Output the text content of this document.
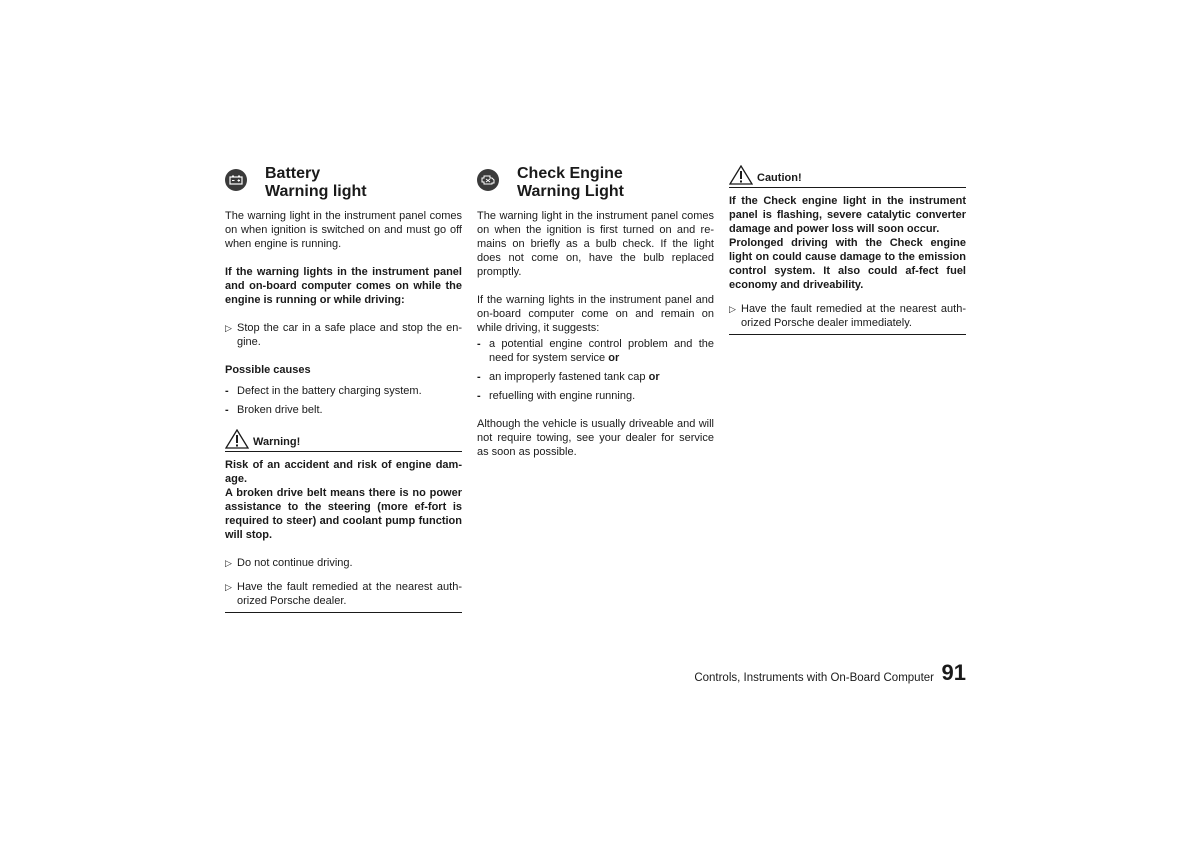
Battery
Warning light

The warning light in the instrument panel comes on when ignition is switched on and must go off when engine is running.

If the warning lights in the instrument panel and on-board computer comes on while the engine is running or while driving:

▷ Stop the car in a safe place and stop the en-gine.
Possible causes
- Defect in the battery charging system.
- Broken drive belt.
Warning!

Risk of an accident and risk of engine dam-age.

A broken drive belt means there is no power assistance to the steering (more ef-fort is required to steer) and coolant pump function will stop.

▷ Do not continue driving.
▷ Have the fault remedied at the nearest auth-orized Porsche dealer.
Check Engine
Warning Light

The warning light in the instrument panel comes on when the ignition is first turned on and re-mains on briefly as a bulb check. If the light does not come on, have the bulb replaced promptly.

If the warning lights in the instrument panel and on-board computer come on and remain on while driving, it suggests:

- a potential engine control problem and the need for system service or
- an improperly fastened tank cap or
- refuelling with engine running.

Although the vehicle is usually driveable and will not require towing, see your dealer for service as soon as possible.

Caution!

If the Check engine light in the instrument panel is flashing, severe catalytic converter damage and power loss will soon occur.

Prolonged driving with the Check engine light on could cause damage to the emission control system. It also could af-fect fuel economy and driveability.

▷ Have the fault remedied at the nearest auth-orized Porsche dealer immediately.
Controls, Instruments with On-Board Computer 91
